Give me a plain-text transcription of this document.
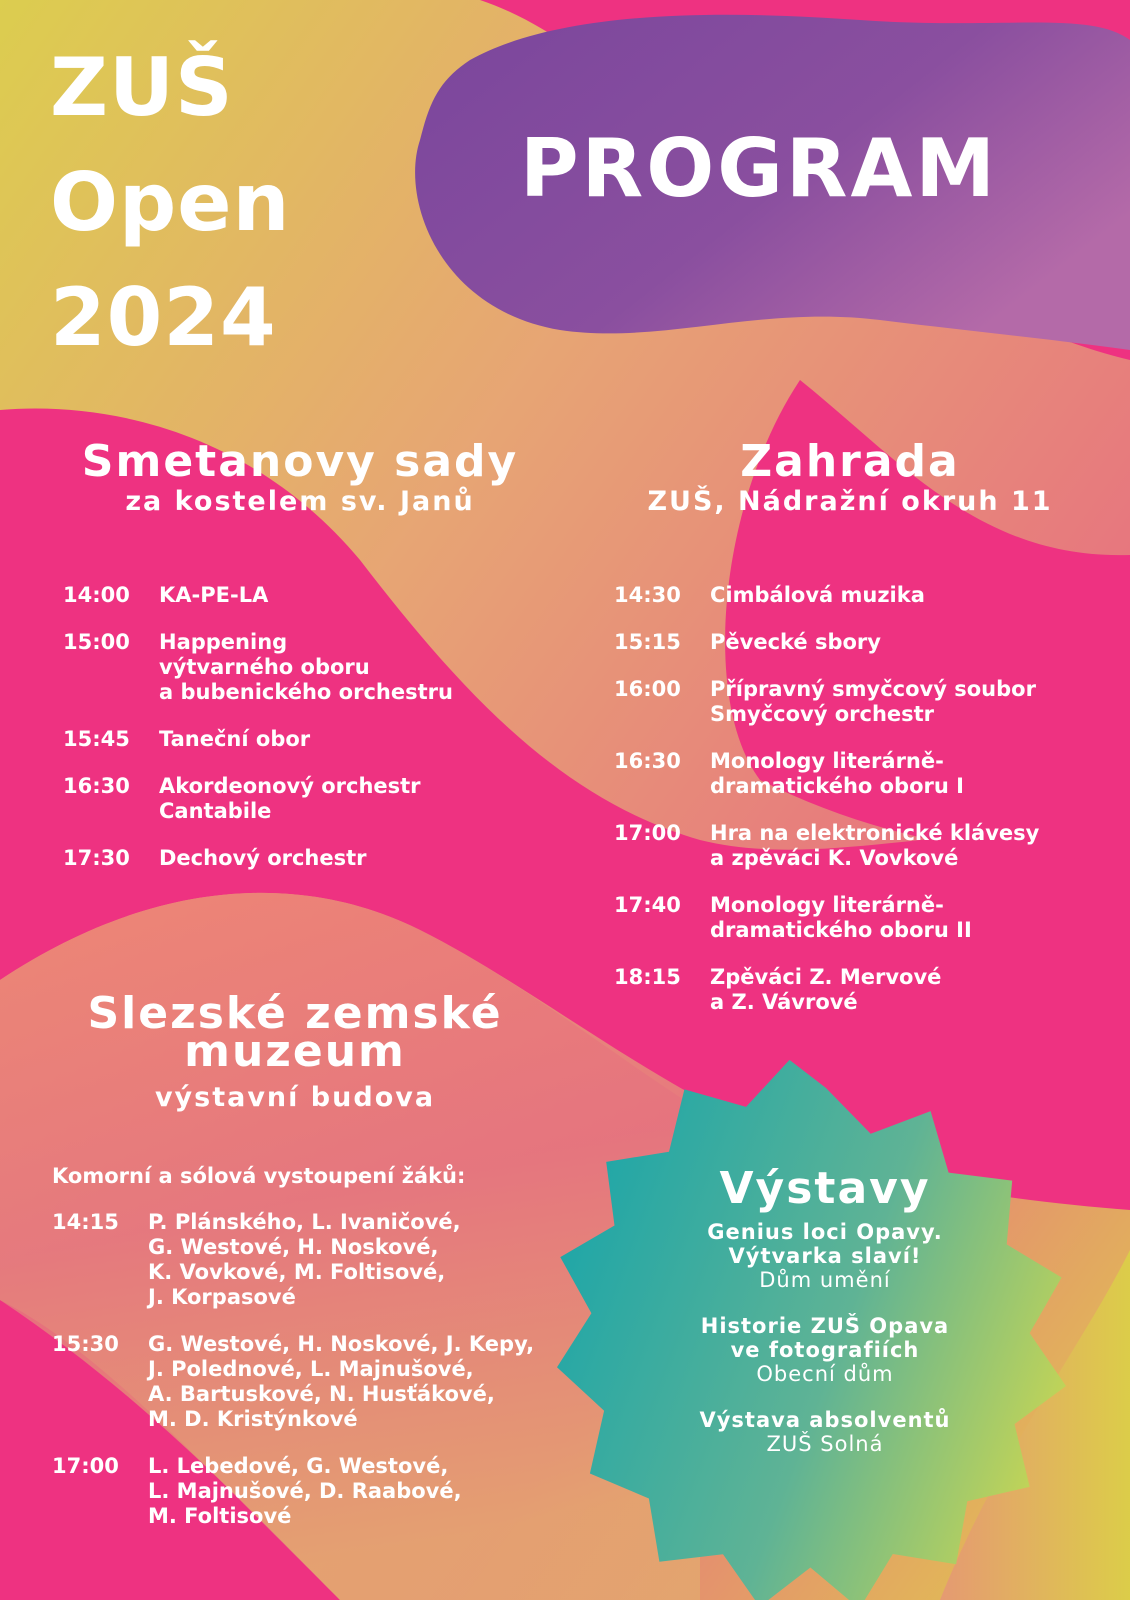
ZUŠ
Open
2024
PROGRAM
Smetanovy sady
za kostelem sv. Janů
14:00	KA-PE-LA
15:00	Happening
výtvarného oboru
a bubenického orchestru
15:45	Taneční obor
16:30	Akordeonový orchestr
Cantabile
17:30	Dechový orchestr
Zahrada
ZUŠ, Nádražní okruh 11
14:30	Cimbálová muzika
15:15	Pěvecké sbory
16:00	Přípravný smyčcový soubor
Smyčcový orchestr
16:30	Monology literárně-
dramatického oboru I
17:00	Hra na elektronické klávesy
a zpěváci K. Vovkové
17:40	Monology literárně-
dramatického oboru II
18:15	Zpěváci Z. Mervové
a Z. Vávrové
Slezské zemské
muzeum
výstavní budova
Komorní a sólová vystoupení žáků:
14:15	P. Plánského, L. Ivaničové,
G. Westové, H. Noskové,
K. Vovkové, M. Foltisové,
J. Korpasové
15:30	G. Westové, H. Noskové, J. Kepy,
J. Polednové, L. Majnušové,
A. Bartuskové, N. Husťákové,
M. D. Kristýnkové
17:00	L. Lebedové, G. Westové,
L. Majnušové, D. Raabové,
M. Foltisové
Výstavy
Genius loci Opavy.
Výtvarka slaví!
Dům umění
Historie ZUŠ Opava
ve fotografiích
Obecní dům
Výstava absolventů
ZUŠ Solná
